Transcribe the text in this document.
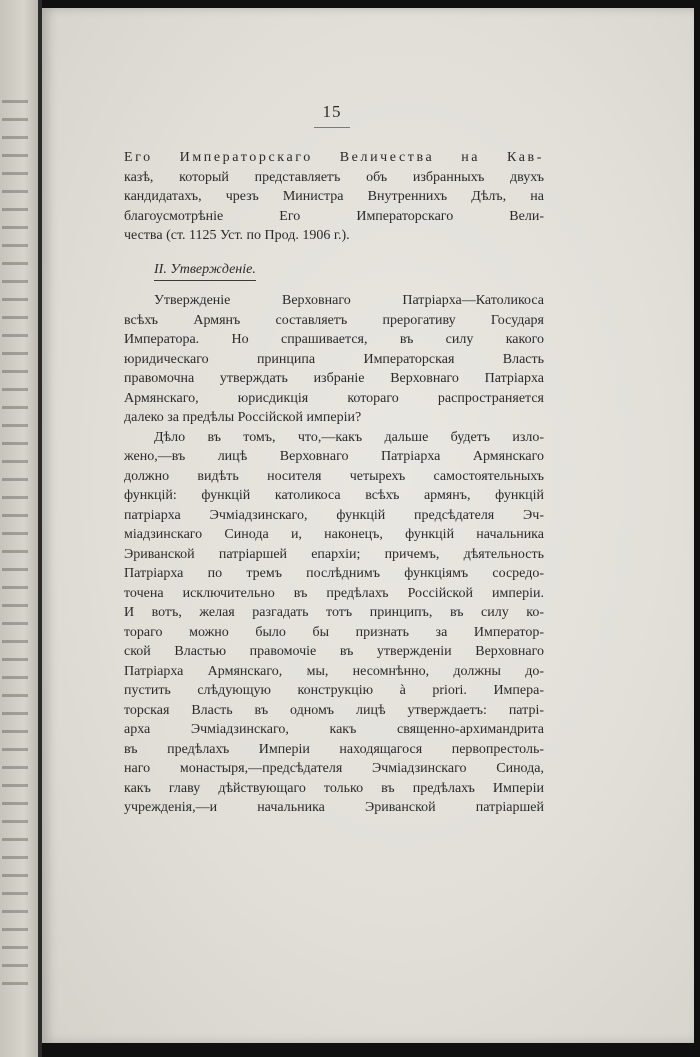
15
Его Императорскаго Величества на Кав-
казѣ, который представляетъ объ избранныхъ двухъ
кандидатахъ, чрезъ Министра Внутреннихъ Дѣлъ, на
благоусмотрѣніе Его Императорскаго Вели-
чества (ст. 1125 Уст. по Прод. 1906 г.).
II. Утвержденіе.
Утвержденіе Верховнаго Патріарха—Католикоса
всѣхъ Армянъ составляетъ прерогативу Государя
Императора. Но спрашивается, въ силу какого
юридическаго принципа Императорская Власть
правомочна утверждать избраніе Верховнаго Патріарха
Армянскаго, юрисдикція котораго распространяется
далеко за предѣлы Россійской имперіи?
Дѣло въ томъ, что,—какъ дальше будетъ изло-
жено,—въ лицѣ Верховнаго Патріарха Армянскаго
должно видѣть носителя четырехъ самостоятельныхъ
функцій: функцій католикоса всѣхъ армянъ, функцій
патріарха Эчміадзинскаго, функцій предсѣдателя Эч-
міадзинскаго Синода и, наконецъ, функцій начальника
Эриванской патріаршей епархіи; причемъ, дѣятельность
Патріарха по тремъ послѣднимъ функціямъ сосредо-
точена исключительно въ предѣлахъ Россійской имперіи.
И вотъ, желая разгадать тотъ принципъ, въ силу ко-
тораго можно было бы признать за Император-
ской Властью правомочіе въ утвержденіи Верховнаго
Патріарха Армянскаго, мы, несомнѣнно, должны до-
пустить слѣдующую конструкцію à priori. Импера-
торская Власть въ одномъ лицѣ утверждаетъ: патрі-
арха Эчміадзинскаго, какъ священно-архимандрита
въ предѣлахъ Имперіи находящагося первопрестоль-
наго монастыря,—предсѣдателя Эчміадзинскаго Синода,
какъ главу дѣйствующаго только въ предѣлахъ Имперіи
учрежденія,—и начальника Эриванской патріаршей
